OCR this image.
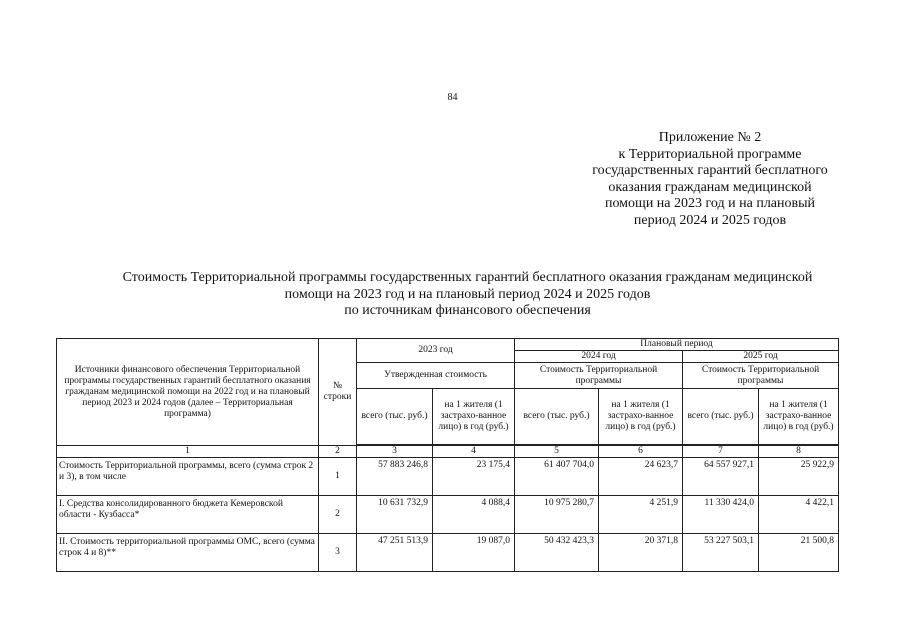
84
Приложение № 2
к Территориальной программе
государственных гарантий бесплатного
оказания гражданам медицинской
помощи на 2023 год и на плановый
период 2024 и 2025 годов
Стоимость Территориальной программы государственных гарантий бесплатного оказания гражданам медицинской
помощи на 2023 год и на плановый период 2024 и 2025 годов
по источникам финансового обеспечения
Источники финансового обеспечения Территориальной программы государственных гарантий бесплатного оказания гражданам медицинской помощи на 2022 год и на плановый период 2023 и 2024 годов (далее – Территориальная программа)	№ строки	2023 год		Плановый период			
				2024 год		2025 год	
		Утвержденная стоимость		Стоимость Территориальной программы		Стоимость Территориальной программы	
		всего (тыс. руб.)	на 1 жителя (1 застрахо-ванное лицо) в год (руб.)	всего (тыс. руб.)	на 1 жителя (1 застрахо-ванное лицо) в год (руб.)	всего (тыс. руб.)	на 1 жителя (1 застрахо-ванное лицо) в год (руб.)

1	2	3	4	5	6	7	8
Стоимость Территориальной программы, всего (сумма строк 2 и 3), в том числе	1	57 883 246,8	23 175,4	61 407 704,0	24 623,7	64 557 927,1	25 922,9
I. Средства консолидированного бюджета Кемеровской области - Кузбасса*	2	10 631 732,9	4 088,4	10 975 280,7	4 251,9	11 330 424,0	4 422,1
II. Стоимость территориальной программы ОМС, всего (сумма строк 4 и 8)**	3	47 251 513,9	19 087,0	50 432 423,3	20 371,8	53 227 503,1	21 500,8
